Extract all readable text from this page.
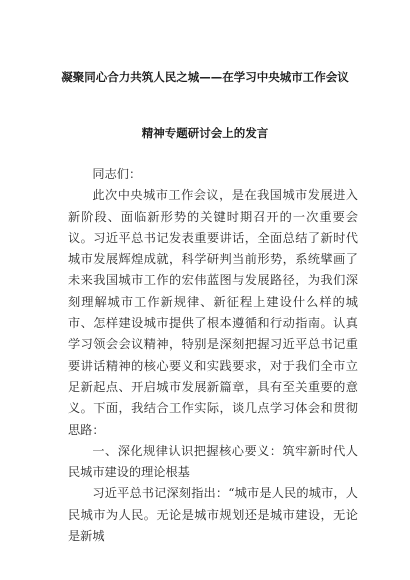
凝聚同心合力共筑人民之城——在学习中央城市工作会议
精神专题研讨会上的发言

同志们：

此次中央城市工作会议，是在我国城市发展进入新阶段、面临新形势的关键时期召开的一次重要会议。习近平总书记发表重要讲话，全面总结了新时代城市发展辉煌成就，科学研判当前形势，系统擘画了未来我国城市工作的宏伟蓝图与发展路径，为我们深刻理解城市工作新规律、新征程上建设什么样的城市、怎样建设城市提供了根本遵循和行动指南。认真学习领会会议精神，特别是深刻把握习近平总书记重要讲话精神的核心要义和实践要求，对于我们全市立足新起点、开启城市发展新篇章，具有至关重要的意义。下面，我结合工作实际，谈几点学习体会和贯彻思路：

一、深化规律认识把握核心要义：筑牢新时代人民城市建设的理论根基

习近平总书记深刻指出：“城市是人民的城市，人民城市为人民。无论是城市规划还是城市建设，无论是新城
